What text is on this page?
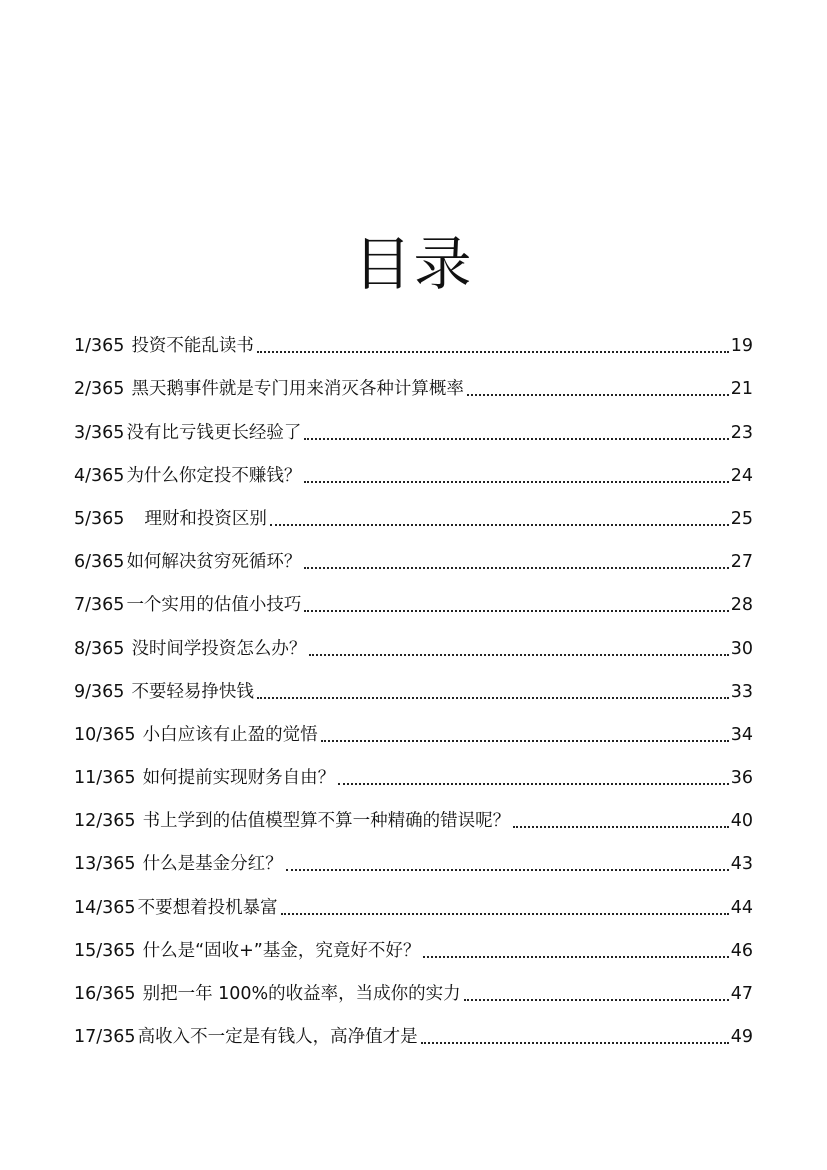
目录
1/365 投资不能乱读书	19
2/365 黑天鹅事件就是专门用来消灭各种计算概率	21
3/365 没有比亏钱更长经验了	23
4/365 为什么你定投不赚钱？	24
5/365 理财和投资区别	25
6/365 如何解决贫穷死循环？	27
7/365 一个实用的估值小技巧	28
8/365 没时间学投资怎么办？	30
9/365 不要轻易挣快钱	33
10/365 小白应该有止盈的觉悟	34
11/365 如何提前实现财务自由？	36
12/365 书上学到的估值模型算不算一种精确的错误呢？	40
13/365 什么是基金分红？	43
14/365 不要想着投机暴富	44
15/365 什么是“固收+”基金，究竟好不好？	46
16/365 别把一年 100%的收益率，当成你的实力	47
17/365 高收入不一定是有钱人，高净值才是	49
